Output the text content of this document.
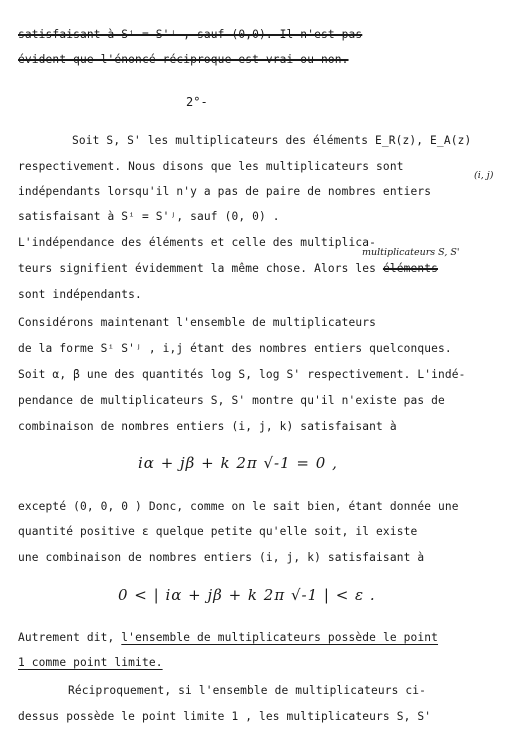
satisfaisant à Sⁱ = S'ʲ , sauf (0,0). Il n'est pas
évident que l'énoncé réciproque est vrai ou non.
2°-
Soit S, S' les multiplicateurs des éléments E_R(z), E_A(z)
respectivement. Nous disons que les multiplicateurs sont
(i, j)
indépendants lorsqu'il n'y a pas de paire de nombres entiers
satisfaisant à Sⁱ = S'ʲ, sauf (0, 0) .
L'indépendance des éléments et celle des multiplica-
multiplicateurs S, S'
teurs signifient évidemment la même chose. Alors les éléments
sont indépendants.
Considérons maintenant l'ensemble de multiplicateurs
de la forme Sⁱ S'ʲ , i,j étant des nombres entiers quelconques.
Soit α, β une des quantités log S, log S' respectivement. L'indé-
pendance de multiplicateurs S, S' montre qu'il n'existe pas de
combinaison de nombres entiers (i, j, k) satisfaisant à
iα + jβ + k 2π √-1 = 0 ,
excepté (0, 0, 0 ) Donc, comme on le sait bien, étant donnée une
quantité positive ε quelque petite qu'elle soit, il existe
une combinaison de nombres entiers (i, j, k) satisfaisant à
0 < | iα + jβ + k 2π √-1 | < ε .
Autrement dit, l'ensemble de multiplicateurs possède le point
1 comme point limite.
Réciproquement, si l'ensemble de multiplicateurs ci-
dessus possède le point limite 1 , les multiplicateurs S, S'
